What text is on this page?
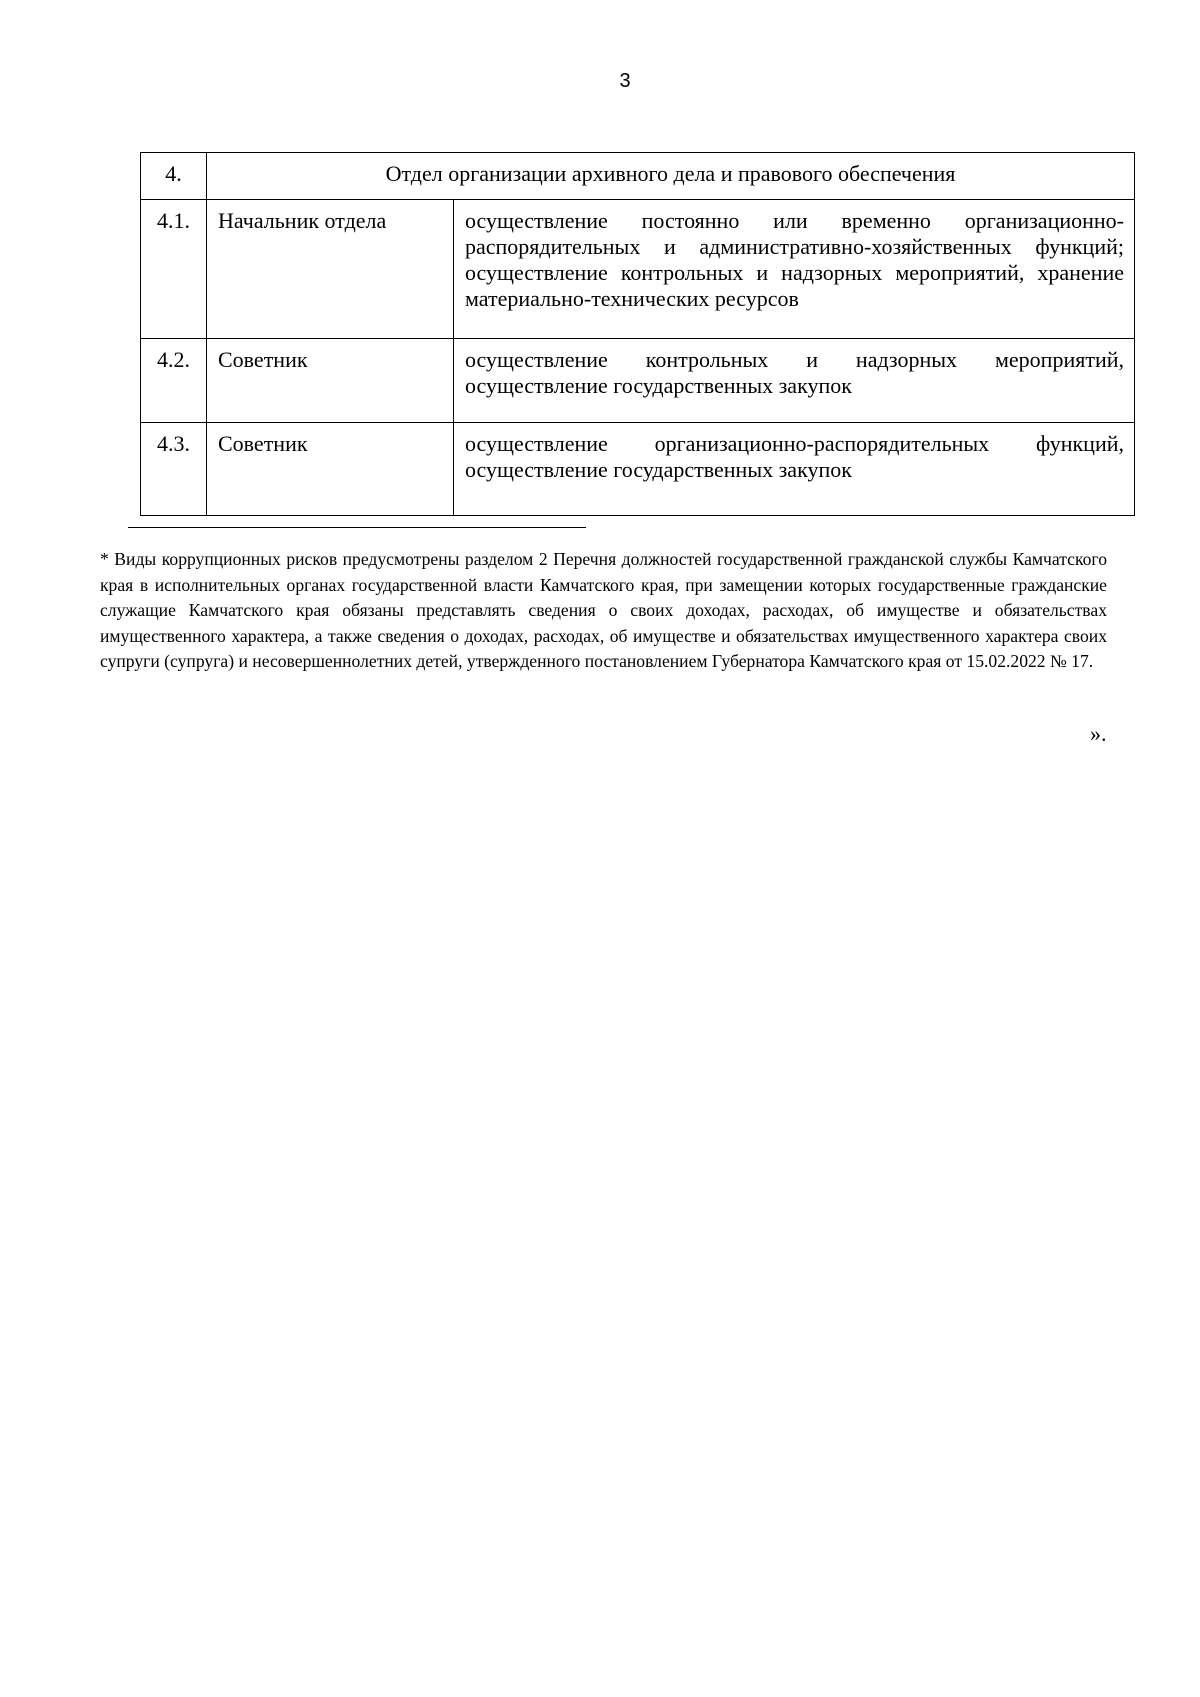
3
4.	Отдел организации архивного дела и правового обеспечения	
4.1.	Начальник отдела	осуществление постоянно или временно организационно-распорядительных и административно-хозяйственных функций; осуществление контрольных и надзорных мероприятий, хранение материально-технических ресурсов
4.2.	Советник	осуществление контрольных и надзорных мероприятий, осуществление государственных закупок
4.3.	Советник	осуществление организационно-распорядительных функций, осуществление государственных закупок

* Виды коррупционных рисков предусмотрены разделом 2 Перечня должностей государственной гражданской службы Камчатского края в исполнительных органах государственной власти Камчатского края, при замещении которых государственные гражданские служащие Камчатского края обязаны представлять сведения о своих доходах, расходах, об имуществе и обязательствах имущественного характера, а также сведения о доходах, расходах, об имуществе и обязательствах имущественного характера своих супруги (супруга) и несовершеннолетних детей, утвержденного постановлением Губернатора Камчатского края от 15.02.2022 № 17.

».
